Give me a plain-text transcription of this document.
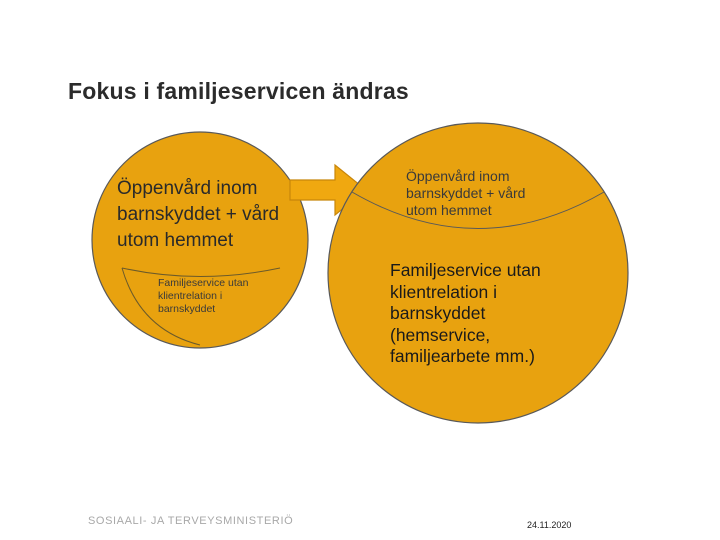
Fokus i familjeservicen ändras
Öppenvård inom barnskyddet + vård utom hemmet
Familjeservice utan klientrelation i barnskyddet
Öppenvård inom barnskyddet + vård utom hemmet
Familjeservice utan klientrelation i barnskyddet (hemservice, familjearbete mm.)
SOSIAALI- JA TERVEYSMINISTERIÖ	24.11.2020
